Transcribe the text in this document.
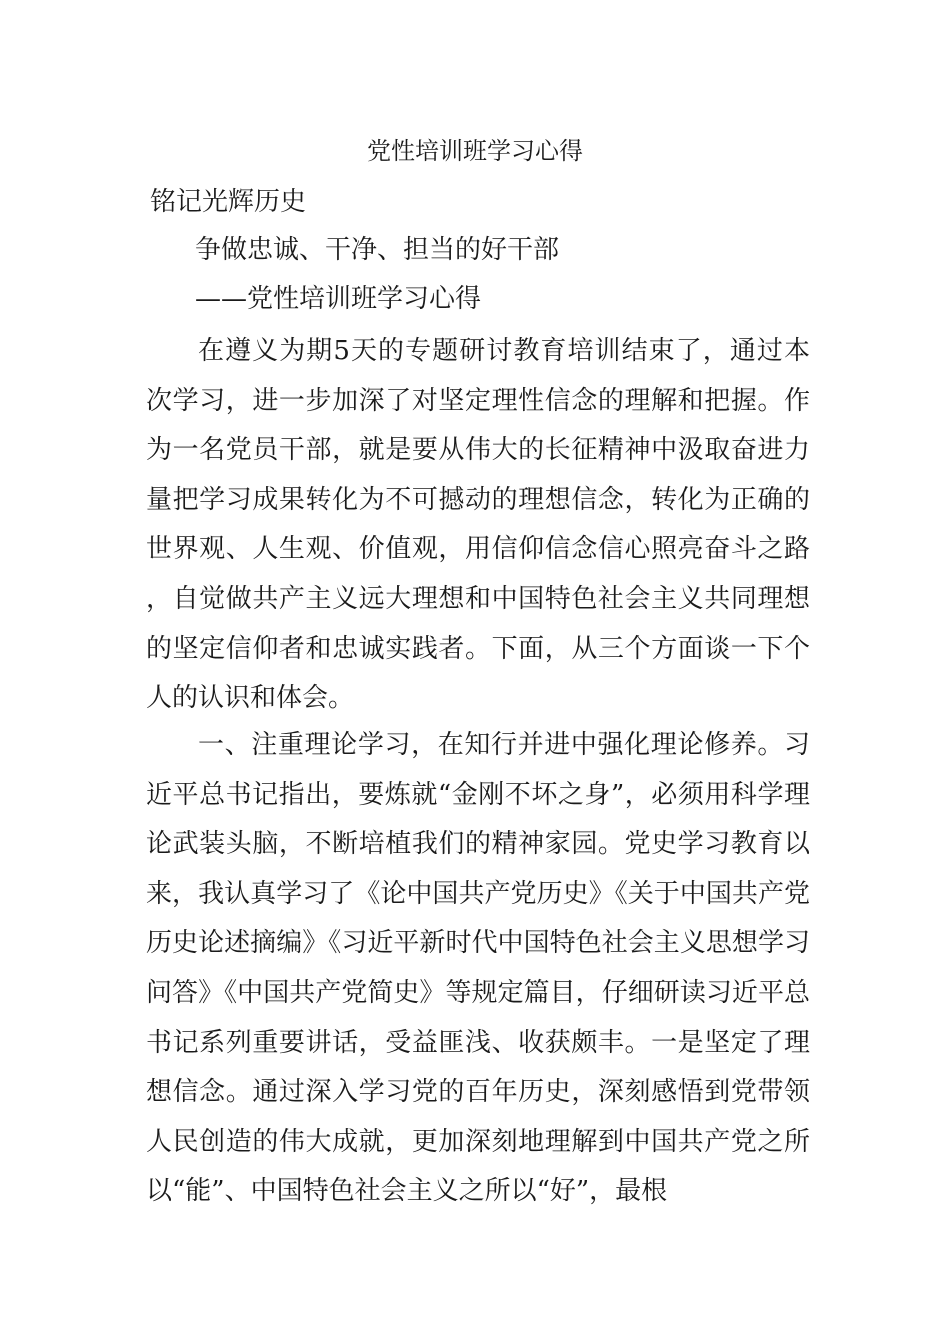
党性培训班学习心得

铭记光辉历史

争做忠诚、干净、担当的好干部

——党性培训班学习心得

在遵义为期5天的专题研讨教育培训结束了，通过本次学习，进一步加深了对坚定理性信念的理解和把握。作为一名党员干部，就是要从伟大的长征精神中汲取奋进力量把学习成果转化为不可撼动的理想信念，转化为正确的世界观、人生观、价值观，用信仰信念信心照亮奋斗之路，自觉做共产主义远大理想和中国特色社会主义共同理想的坚定信仰者和忠诚实践者。下面，从三个方面谈一下个人的认识和体会。

一、注重理论学习，在知行并进中强化理论修养。习近平总书记指出，要炼就“金刚不坏之身”，必须用科学理论武装头脑，不断培植我们的精神家园。党史学习教育以来，我认真学习了《论中国共产党历史》《关于中国共产党历史论述摘编》《习近平新时代中国特色社会主义思想学习问答》《中国共产党简史》等规定篇目，仔细研读习近平总书记系列重要讲话，受益匪浅、收获颇丰。一是坚定了理想信念。通过深入学习党的百年历史，深刻感悟到党带领人民创造的伟大成就，更加深刻地理解到中国共产党之所以“能”、中国特色社会主义之所以“好”，最根
